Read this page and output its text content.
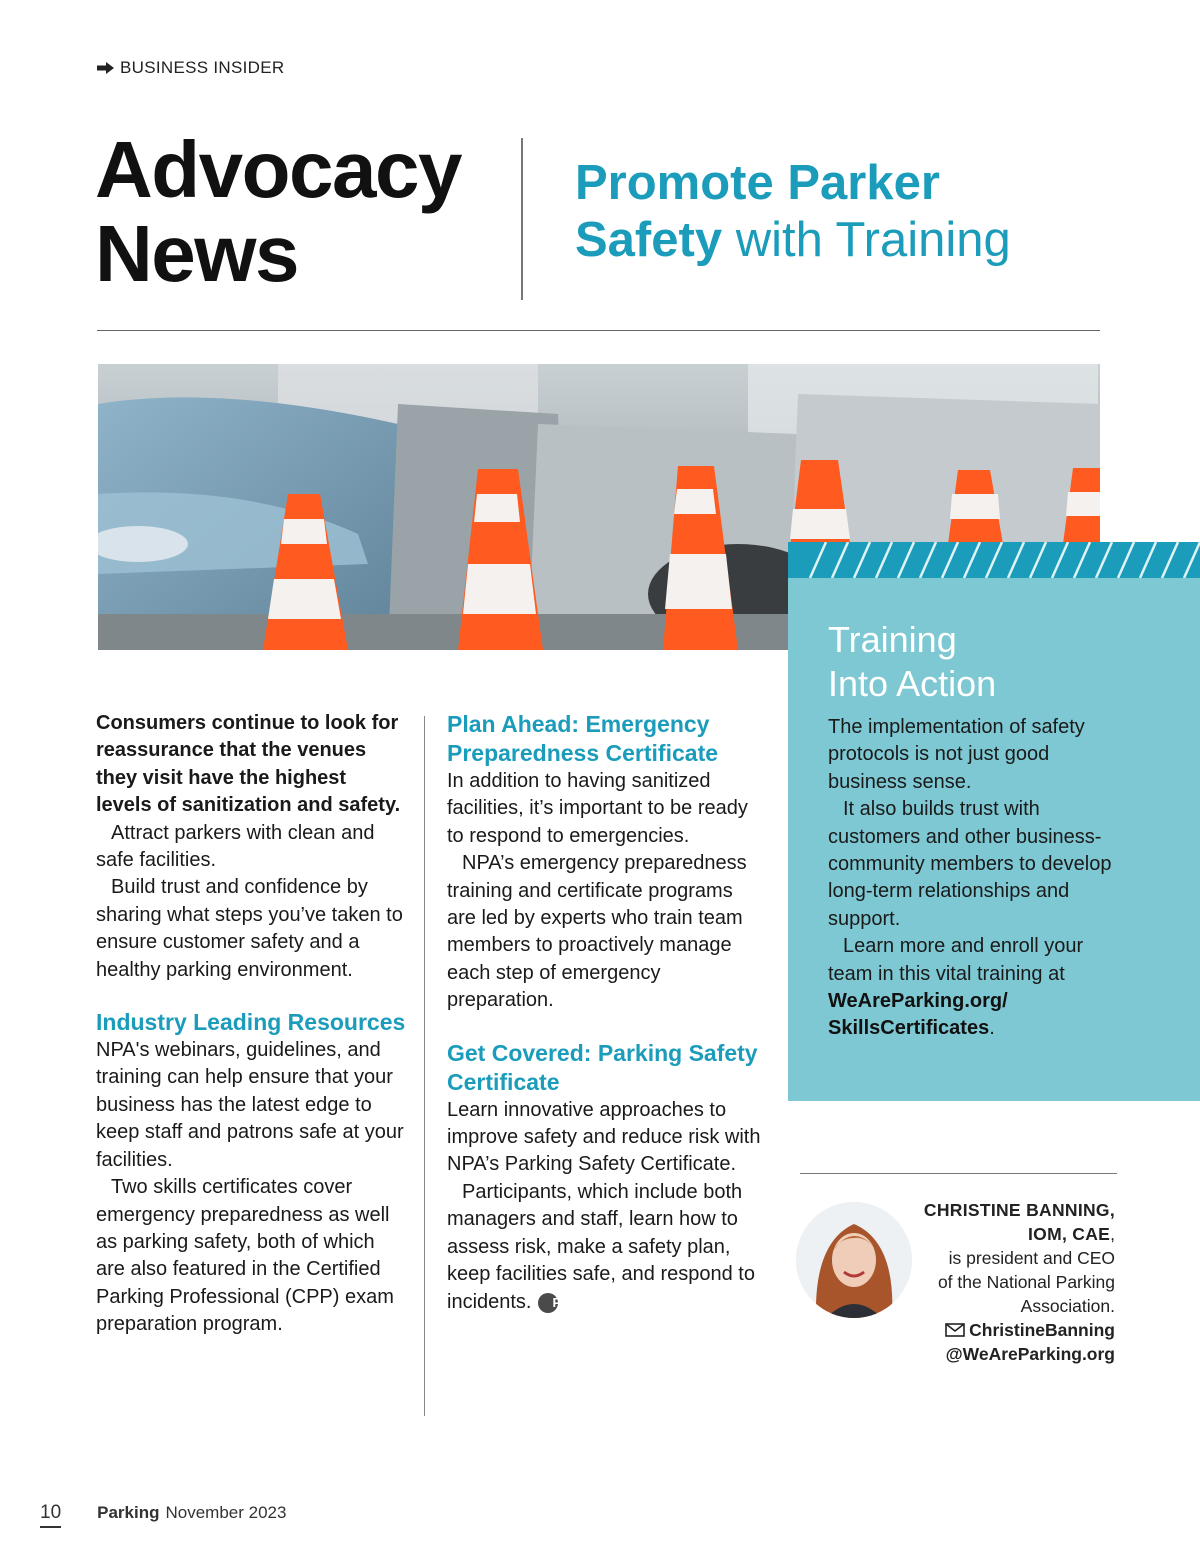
BUSINESS INSIDER
Advocacy
News
Promote Parker
Safety with Training
Training
Into Action

The implementation of safety protocols is not just good business sense.

It also builds trust with customers and other business-community members to develop long-term relationships and support.

Learn more and enroll your team in this vital training at WeAreParking.org/ SkillsCertificates.

Consumers continue to look for reassurance that the venues they visit have the highest levels of sanitization and safety.

Attract parkers with clean and safe facilities.

Build trust and confidence by sharing what steps you’ve taken to ensure customer safety and a healthy parking environment.

Industry Leading Resources

NPA's webinars, guidelines, and training can help ensure that your business has the latest edge to keep staff and patrons safe at your facilities.

Two skills certificates cover emergency preparedness as well as parking safety, both of which are also featured in the Certified Parking Professional (CPP) exam preparation program.

Plan Ahead: Emergency Preparedness Certificate

In addition to having sanitized facilities, it’s important to be ready to respond to emergencies.

NPA’s emergency preparedness training and certificate programs are led by experts who train team members to proactively manage each step of emergency preparation.

Get Covered: Parking Safety Certificate

Learn innovative approaches to improve safety and reduce risk with NPA’s Parking Safety Certificate.

Participants, which include both managers and staff, learn how to assess risk, make a safety plan, keep facilities safe, and respond to incidents. P

CHRISTINE BANNING,
IOM, CAE,
is president and CEO
of the National Parking
Association.
ChristineBanning
@WeAreParking.org
10 Parking November 2023
